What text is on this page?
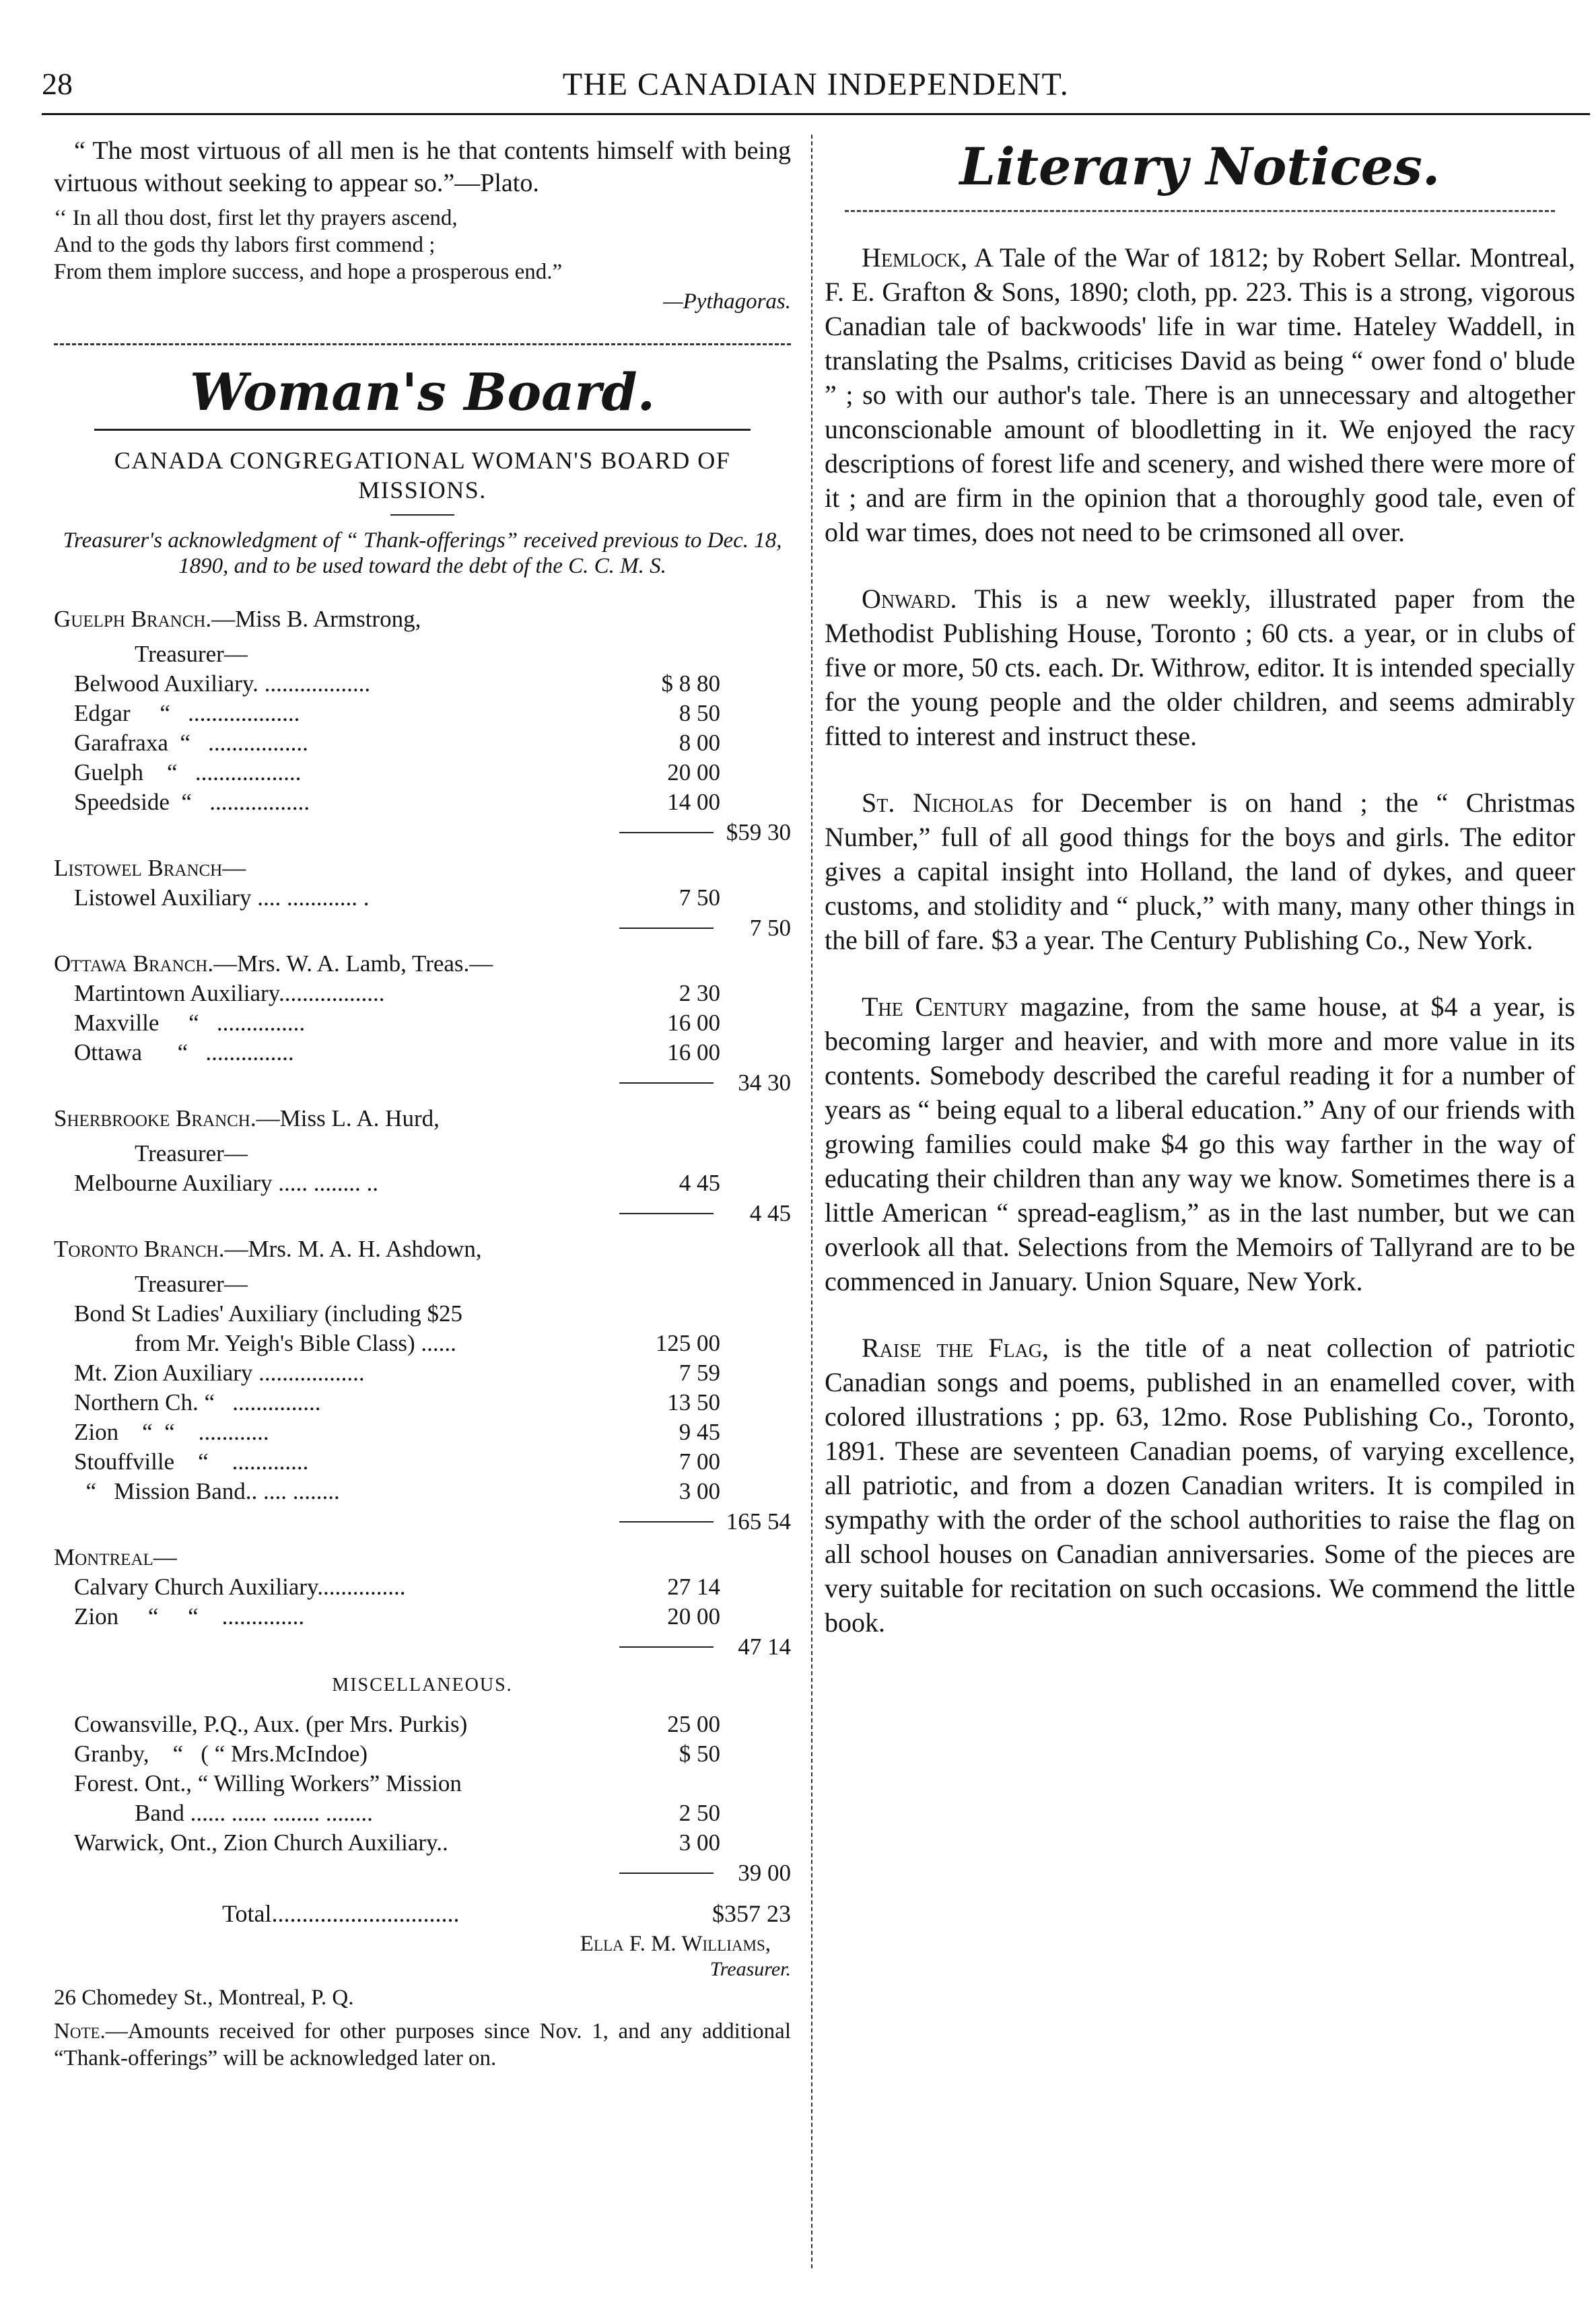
28	THE CANADIAN INDEPENDENT.
“ The most virtuous of all men is he that contents himself with being virtuous without seeking to appear so.”—Plato.
‘‘ In all thou dost, first let thy prayers ascend,
And to the gods thy labors first commend ;
From them implore success, and hope a prosperous end.”
—Pythagoras.
Woman's Board.
CANADA CONGREGATIONAL WOMAN'S BOARD OF MISSIONS.
Treasurer's acknowledgment of “ Thank-offerings” received previous to Dec. 18, 1890, and to be used toward the debt of the C. C. M. S.
Guelph Branch.—Miss B. Armstrong,
Treasurer—
Belwood Auxiliary. ..................	$ 8 80
Edgar     “   ...................	8 50
Garafraxa  “   .................	8 00
Guelph    “   ..................	20 00
Speedside  “   .................	14 00
$59 30
Listowel Branch—
Listowel Auxiliary .... ............ .	7 50
7 50
Ottawa Branch.—Mrs. W. A. Lamb, Treas.—
Martintown Auxiliary..................	2 30
Maxville     “   ...............	16 00
Ottawa      “   ...............	16 00
34 30
Sherbrooke Branch.—Miss L. A. Hurd,
Treasurer—
Melbourne Auxiliary ..... ........ ..	4 45
4 45
Toronto Branch.—Mrs. M. A. H. Ashdown,
Treasurer—
Bond St Ladies' Auxiliary (including $25
from Mr. Yeigh's Bible Class) ......	125 00
Mt. Zion Auxiliary ..................	7 59
Northern Ch. “   ...............	13 50
Zion    “  “    ............	9 45
Stouffville    “    .............	7 00
“   Mission Band.. .... ........	3 00
165 54
Montreal—
Calvary Church Auxiliary...............	27 14
Zion     “     “    ..............	20 00
47 14
MISCELLANEOUS.
Cowansville, P.Q., Aux. (per Mrs. Purkis)	25 00
Granby,    “   ( “ Mrs.McIndoe)	$ 50
Forest. Ont., “ Willing Workers” Mission
Band ...... ...... ........ ........	2 50
Warwick, Ont., Zion Church Auxiliary..	3 00
39 00
Total...............................	$357 23
Ella F. M. Williams,
Treasurer.
26 Chomedey St., Montreal, P. Q.
Note.—Amounts received for other purposes since Nov. 1, and any additional “Thank-offerings” will be acknowledged later on.
Literary Notices.
Hemlock, A Tale of the War of 1812; by Robert Sellar. Montreal, F. E. Grafton & Sons, 1890; cloth, pp. 223. This is a strong, vigorous Canadian tale of backwoods' life in war time. Hateley Waddell, in translating the Psalms, criticises David as being “ ower fond o' blude ” ; so with our author's tale. There is an unnecessary and altogether unconscionable amount of bloodletting in it. We enjoyed the racy descriptions of forest life and scenery, and wished there were more of it ; and are firm in the opinion that a thoroughly good tale, even of old war times, does not need to be crimsoned all over.
Onward. This is a new weekly, illustrated paper from the Methodist Publishing House, Toronto ; 60 cts. a year, or in clubs of five or more, 50 cts. each. Dr. Withrow, editor. It is intended specially for the young people and the older children, and seems admirably fitted to interest and instruct these.
St. Nicholas for December is on hand ; the “ Christmas Number,” full of all good things for the boys and girls. The editor gives a capital insight into Holland, the land of dykes, and queer customs, and stolidity and “ pluck,” with many, many other things in the bill of fare. $3 a year. The Century Publishing Co., New York.
The Century magazine, from the same house, at $4 a year, is becoming larger and heavier, and with more and more value in its contents. Somebody described the careful reading it for a number of years as “ being equal to a liberal education.” Any of our friends with growing families could make $4 go this way farther in the way of educating their children than any way we know. Sometimes there is a little American “ spread-eaglism,” as in the last number, but we can overlook all that. Selections from the Memoirs of Tallyrand are to be commenced in January. Union Square, New York.
Raise the Flag, is the title of a neat collection of patriotic Canadian songs and poems, published in an enamelled cover, with colored illustrations ; pp. 63, 12mo. Rose Publishing Co., Toronto, 1891. These are seventeen Canadian poems, of varying excellence, all patriotic, and from a dozen Canadian writers. It is compiled in sympathy with the order of the school authorities to raise the flag on all school houses on Canadian anniversaries. Some of the pieces are very suitable for recitation on such occasions. We commend the little book.
